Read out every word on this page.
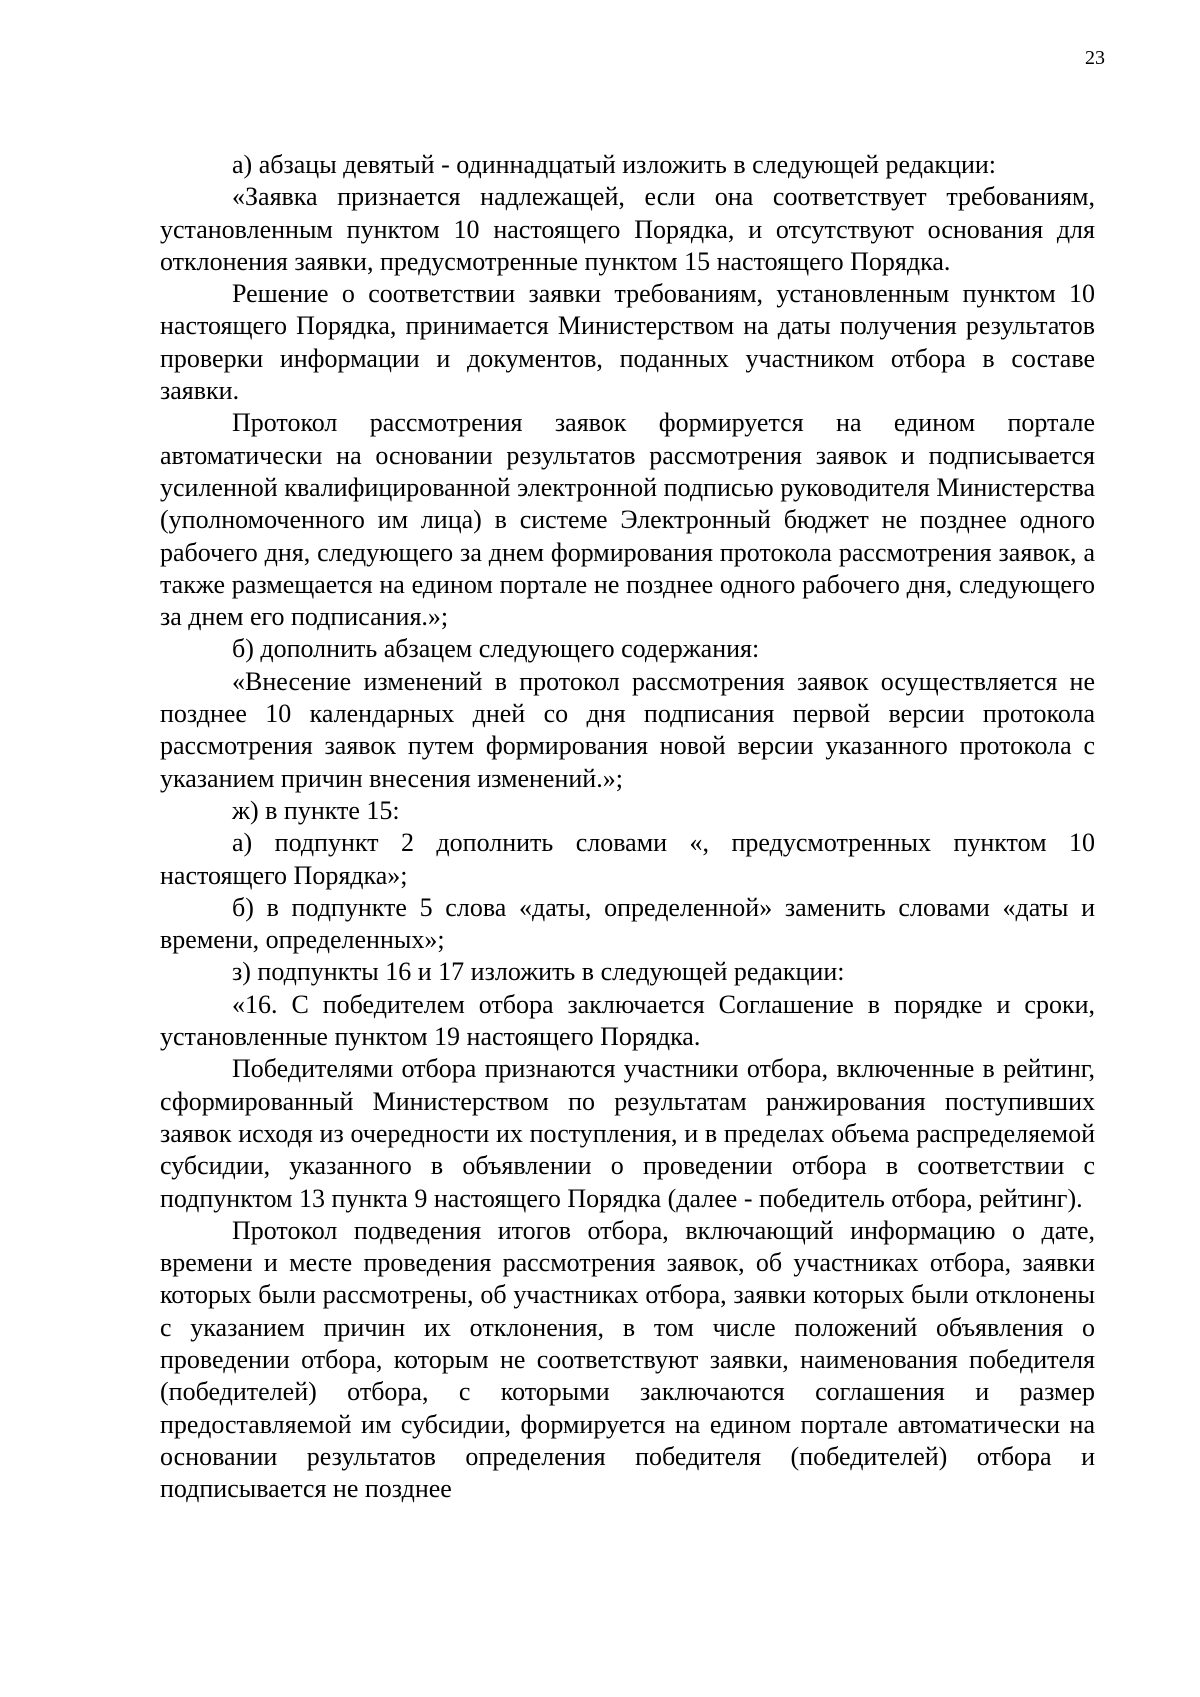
23

а) абзацы девятый - одиннадцатый изложить в следующей редакции:

«Заявка признается надлежащей, если она соответствует требованиям, установленным пунктом 10 настоящего Порядка, и отсутствуют основания для отклонения заявки, предусмотренные пунктом 15 настоящего Порядка.

Решение о соответствии заявки требованиям, установленным пунктом 10 настоящего Порядка, принимается Министерством на даты получения результатов проверки информации и документов, поданных участником отбора в составе заявки.

Протокол рассмотрения заявок формируется на едином портале автоматически на основании результатов рассмотрения заявок и подписывается усиленной квалифицированной электронной подписью руководителя Министерства (уполномоченного им лица) в системе Электронный бюджет не позднее одного рабочего дня, следующего за днем формирования протокола рассмотрения заявок, а также размещается на едином портале не позднее одного рабочего дня, следующего за днем его подписания.»;

б) дополнить абзацем следующего содержания:

«Внесение изменений в протокол рассмотрения заявок осуществляется не позднее 10 календарных дней со дня подписания первой версии протокола рассмотрения заявок путем формирования новой версии указанного протокола с указанием причин внесения изменений.»;

ж) в пункте 15:

а) подпункт 2 дополнить словами «, предусмотренных пунктом 10 настоящего Порядка»;

б) в подпункте 5 слова «даты, определенной» заменить словами «даты и времени, определенных»;

з) подпункты 16 и 17 изложить в следующей редакции:

«16. С победителем отбора заключается Соглашение в порядке и сроки, установленные пунктом 19 настоящего Порядка.

Победителями отбора признаются участники отбора, включенные в рейтинг, сформированный Министерством по результатам ранжирования поступивших заявок исходя из очередности их поступления, и в пределах объема распределяемой субсидии, указанного в объявлении о проведении отбора в соответствии с подпунктом 13 пункта 9 настоящего Порядка (далее - победитель отбора, рейтинг).

Протокол подведения итогов отбора, включающий информацию о дате, времени и месте проведения рассмотрения заявок, об участниках отбора, заявки которых были рассмотрены, об участниках отбора, заявки которых были отклонены с указанием причин их отклонения, в том числе положений объявления о проведении отбора, которым не соответствуют заявки, наименования победителя (победителей) отбора, с которыми заключаются соглашения и размер предоставляемой им субсидии, формируется на едином портале автоматически на основании результатов определения победителя (победителей) отбора и подписывается не позднее
